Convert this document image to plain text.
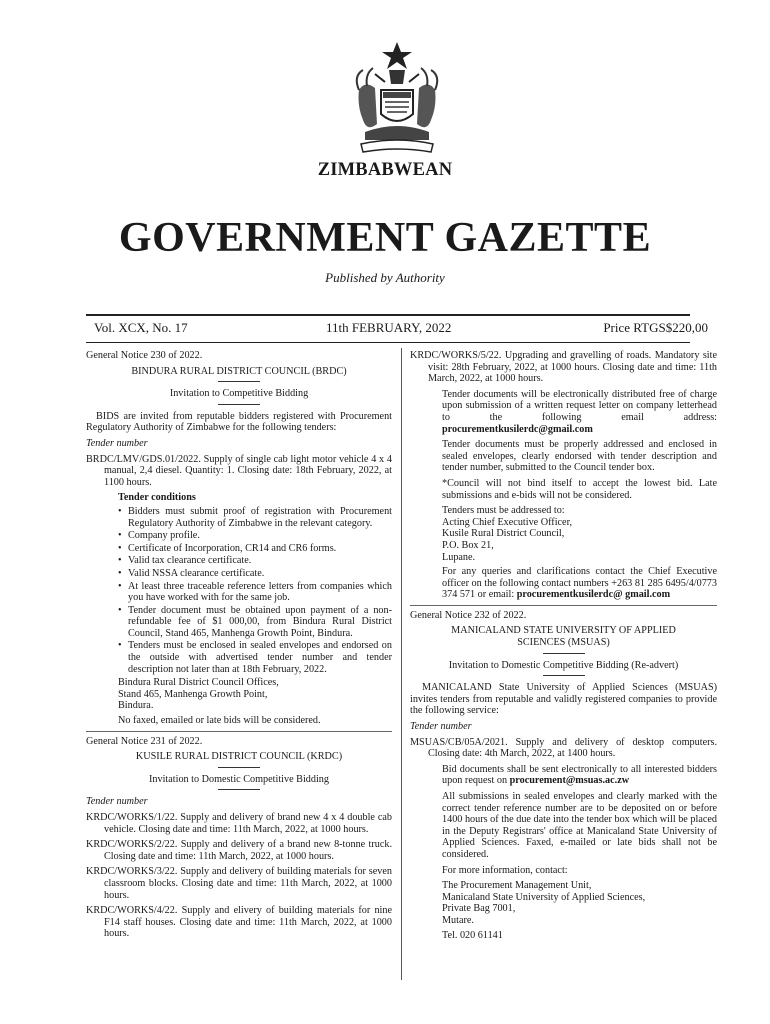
ZIMBABWEAN
GOVERNMENT GAZETTE
Published by Authority
Vol. XCX, No. 17	11th FEBRUARY, 2022	Price RTGS$220,00

General Notice 230 of 2022.

BINDURA RURAL DISTRICT COUNCIL (BRDC)

Invitation to Competitive Bidding

BIDS are invited from reputable bidders registered with Procurement Regulatory Authority of Zimbabwe for the following tenders:

Tender number

BRDC/LMV/GDS.01/2022. Supply of single cab light motor vehicle 4 x 4 manual, 2,4 diesel. Quantity: 1. Closing date: 18th February, 2022, at 1100 hours.

Tender conditions

• Bidders must submit proof of registration with Procurement Regulatory Authority of Zimbabwe in the relevant category.
• Company profile.
• Certificate of Incorporation, CR14 and CR6 forms.
• Valid tax clearance certificate.
• Valid NSSA clearance certificate.
• At least three traceable reference letters from companies which you have worked with for the same job.
• Tender document must be obtained upon payment of a non-refundable fee of $1 000,00, from Bindura Rural District Council, Stand 465, Manhenga Growth Point, Bindura.
• Tenders must be enclosed in sealed envelopes and endorsed on the outside with advertised tender number and tender description not later than at 18th February, 2022.
Bindura Rural District Council Offices,
Stand 465, Manhenga Growth Point,
Bindura.

No faxed, emailed or late bids will be considered.

General Notice 231 of 2022.

KUSILE RURAL DISTRICT COUNCIL (KRDC)

Invitation to Domestic Competitive Bidding

Tender number

KRDC/WORKS/1/22. Supply and delivery of brand new 4 x 4 double cab vehicle. Closing date and time: 11th March, 2022, at 1000 hours.

KRDC/WORKS/2/22. Supply and delivery of a brand new 8-tonne truck. Closing date and time: 11th March, 2022, at 1000 hours.

KRDC/WORKS/3/22. Supply and delivery of building materials for seven classroom blocks. Closing date and time: 11th March, 2022, at 1000 hours.

KRDC/WORKS/4/22. Supply and elivery of building materials for nine F14 staff houses. Closing date and time: 11th March, 2022, at 1000 hours.

KRDC/WORKS/5/22. Upgrading and gravelling of roads. Mandatory site visit: 28th February, 2022, at 1000 hours. Closing date and time: 11th March, 2022, at 1000 hours.

Tender documents will be electronically distributed free of charge upon submission of a written request letter on company letterhead to the following email address: procurementkusilerdc@gmail.com

Tender documents must be properly addressed and enclosed in sealed envelopes, clearly endorsed with tender description and tender number, submitted to the Council tender box.

*Council will not bind itself to accept the lowest bid. Late submissions and e-bids will not be considered.

Tenders must be addressed to:

Acting Chief Executive Officer,
Kusile Rural District Council,
P.O. Box 21,
Lupane.

For any queries and clarifications contact the Chief Executive officer on the following contact numbers +263 81 285 6495/4/0773 374 571 or email: procurementkusilerdc@ gmail.com

General Notice 232 of 2022.

MANICALAND STATE UNIVERSITY OF APPLIED SCIENCES (MSUAS)

Invitation to Domestic Competitive Bidding (Re-advert)

MANICALAND State University of Applied Sciences (MSUAS) invites tenders from reputable and validly registered companies to provide the following service:

Tender number

MSUAS/CB/05A/2021. Supply and delivery of desktop computers. Closing date: 4th March, 2022, at 1400 hours.

Bid documents shall be sent electronically to all interested bidders upon request on procurement@msuas.ac.zw

All submissions in sealed envelopes and clearly marked with the correct tender reference number are to be deposited on or before 1400 hours of the due date into the tender box which will be placed in the Deputy Registrars' office at Manicaland State University of Applied Sciences. Faxed, e-mailed or late bids shall not be considered.

For more information, contact:

The Procurement Management Unit,
Manicaland State University of Applied Sciences,
Private Bag 7001,
Mutare.

Tel. 020 61141
